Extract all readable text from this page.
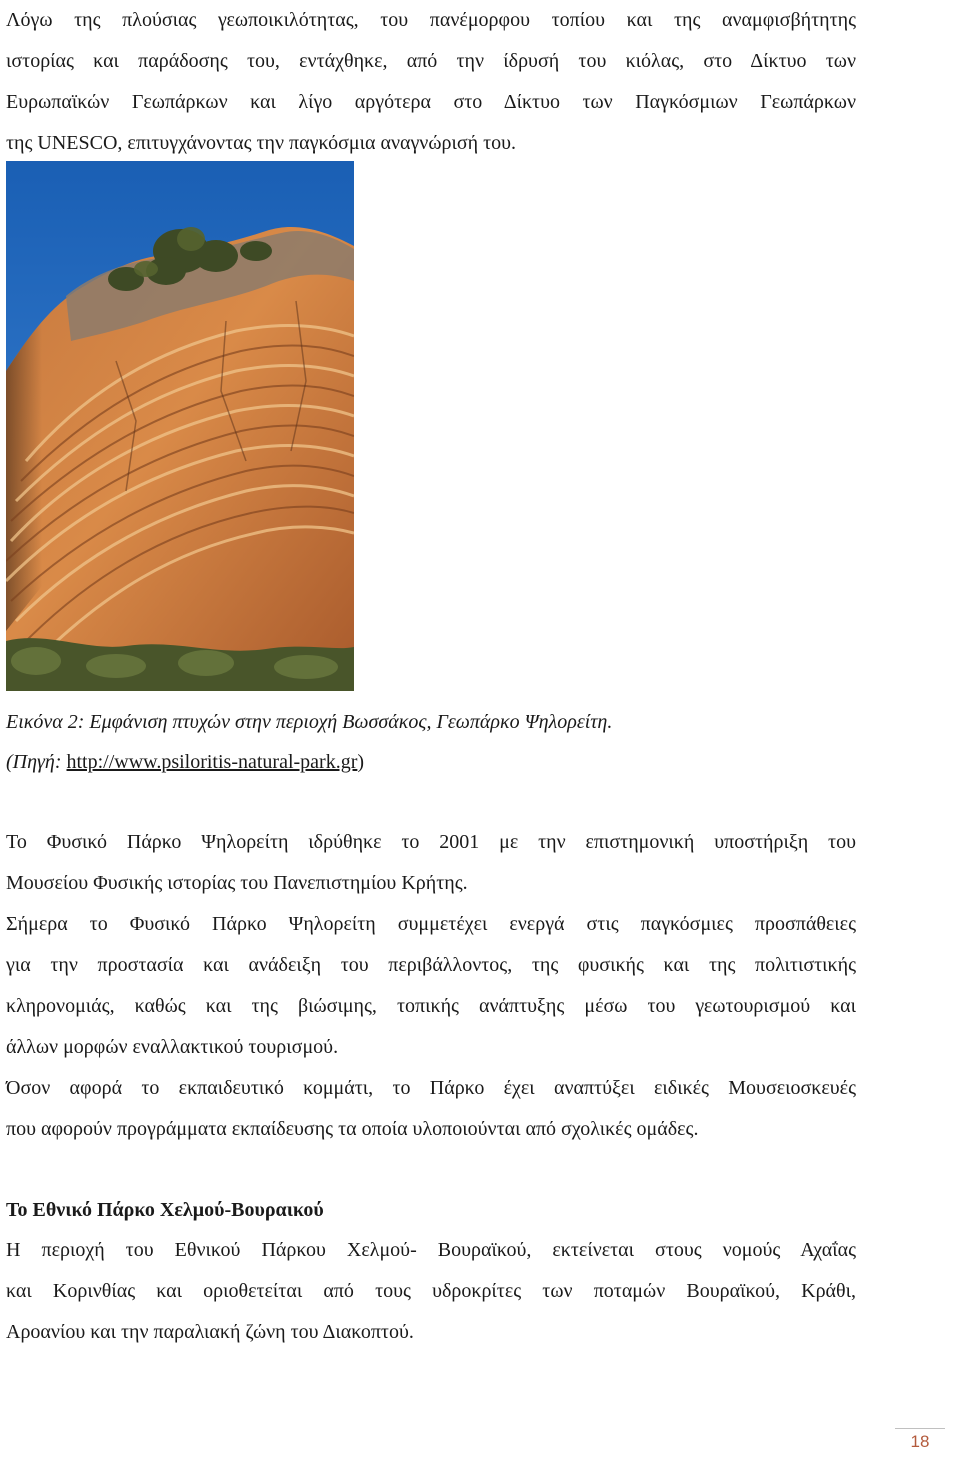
Λόγω της πλούσιας γεωποικιλότητας, του πανέμορφου τοπίου και της αναμφισβήτητης
ιστορίας και παράδοσης του, εντάχθηκε, από την ίδρυσή του κιόλας, στο Δίκτυο των
Ευρωπαϊκών Γεωπάρκων και λίγο αργότερα στο Δίκτυο των Παγκόσμιων Γεωπάρκων
της UNESCO, επιτυγχάνοντας την παγκόσμια αναγνώρισή του.

Εικόνα 2: Εμφάνιση πτυχών στην περιοχή Βωσσάκος, Γεωπάρκο Ψηλορείτη.
(Πηγή: http://www.psiloritis-natural-park.gr)

Το Φυσικό Πάρκο Ψηλορείτη ιδρύθηκε το 2001 με την επιστημονική υποστήριξη του
Μουσείου Φυσικής ιστορίας του Πανεπιστημίου Κρήτης.

Σήμερα το Φυσικό Πάρκο Ψηλορείτη συμμετέχει ενεργά στις παγκόσμιες προσπάθειες
για την προστασία και ανάδειξη του περιβάλλοντος, της φυσικής και της πολιτιστικής
κληρονομιάς, καθώς και της βιώσιμης, τοπικής ανάπτυξης μέσω του γεωτουρισμού και
άλλων μορφών εναλλακτικού τουρισμού.

Όσον αφορά το εκπαιδευτικό κομμάτι, το Πάρκο έχει αναπτύξει ειδικές Μουσειοσκευές
που αφορούν προγράμματα εκπαίδευσης τα οποία υλοποιούνται από σχολικές ομάδες.

Το Εθνικό Πάρκο Χελμού-Βουραικού

Η περιοχή του Εθνικού Πάρκου Χελμού- Βουραϊκού, εκτείνεται στους νομούς Αχαΐας
και Κορινθίας και οριοθετείται από τους υδροκρίτες των ποταμών Βουραϊκού, Κράθι,
Αροανίου και την παραλιακή ζώνη του Διακοπτού.

18
